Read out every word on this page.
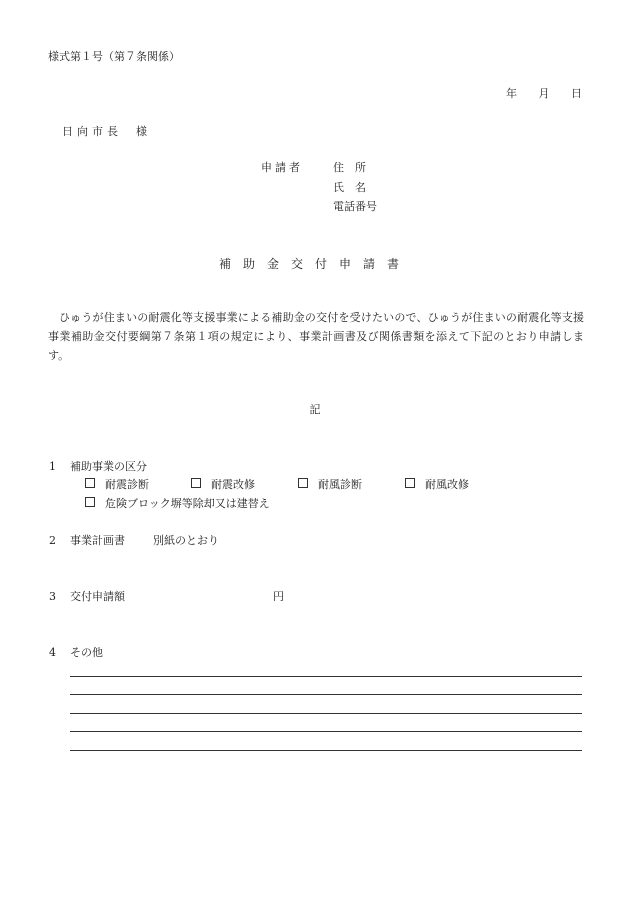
様式第１号（第７条関係）
年 月 日
日向市長 様
申請者	住　所
氏　名
電話番号
補助金交付申請書
ひゅうが住まいの耐震化等支援事業による補助金の交付を受けたいので、ひゅうが住まいの耐震化等支援事業補助金交付要綱第７条第１項の規定により、事業計画書及び関係書類を添えて下記のとおり申請します。
記
1 補助事業の区分
耐震診断	耐震改修	耐風診断	耐風改修
危険ブロック塀等除却又は建替え
2 事業計画書	別紙のとおり
3 交付申請額	円
4 その他
